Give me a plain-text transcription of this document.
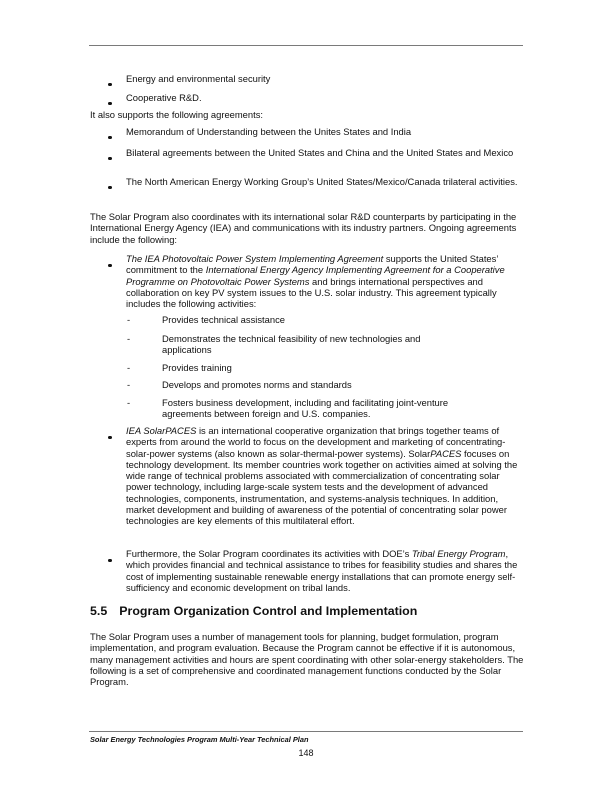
Energy and environmental security
Cooperative R&D.
It also supports the following agreements:
Memorandum of Understanding between the Unites States and India
Bilateral agreements between the United States and China and the United States and Mexico
The North American Energy Working Group’s United States/Mexico/Canada trilateral activities.
The Solar Program also coordinates with its international solar R&D counterparts by participating in the International Energy Agency (IEA) and communications with its industry partners. Ongoing agreements include the following:
The IEA Photovoltaic Power System Implementing Agreement supports the United States’ commitment to the International Energy Agency Implementing Agreement for a Cooperative Programme on Photovoltaic Power Systems and brings international perspectives and collaboration on key PV system issues to the U.S. solar industry. This agreement typically includes the following activities:
-	Provides technical assistance
-	Demonstrates the technical feasibility of new technologies and applications
-	Provides training
-	Develops and promotes norms and standards
-	Fosters business development, including and facilitating joint-venture agreements between foreign and U.S. companies.
IEA SolarPACES is an international cooperative organization that brings together teams of experts from around the world to focus on the development and marketing of concentrating-solar-power systems (also known as solar-thermal-power systems). SolarPACES focuses on technology development. Its member countries work together on activities aimed at solving the wide range of technical problems associated with commercialization of concentrating solar power technology, including large-scale system tests and the development of advanced technologies, components, instrumentation, and systems-analysis techniques. In addition, market development and building of awareness of the potential of concentrating solar power technologies are key elements of this multilateral effort.
Furthermore, the Solar Program coordinates its activities with DOE’s Tribal Energy Program, which provides financial and technical assistance to tribes for feasibility studies and shares the cost of implementing sustainable renewable energy installations that can promote energy self-sufficiency and economic development on tribal lands.
5.5 Program Organization Control and Implementation
The Solar Program uses a number of management tools for planning, budget formulation, program implementation, and program evaluation. Because the Program cannot be effective if it is autonomous, many management activities and hours are spent coordinating with other solar-energy stakeholders. The following is a set of comprehensive and coordinated management functions conducted by the Solar Program.
Solar Energy Technologies Program Multi-Year Technical Plan
148
